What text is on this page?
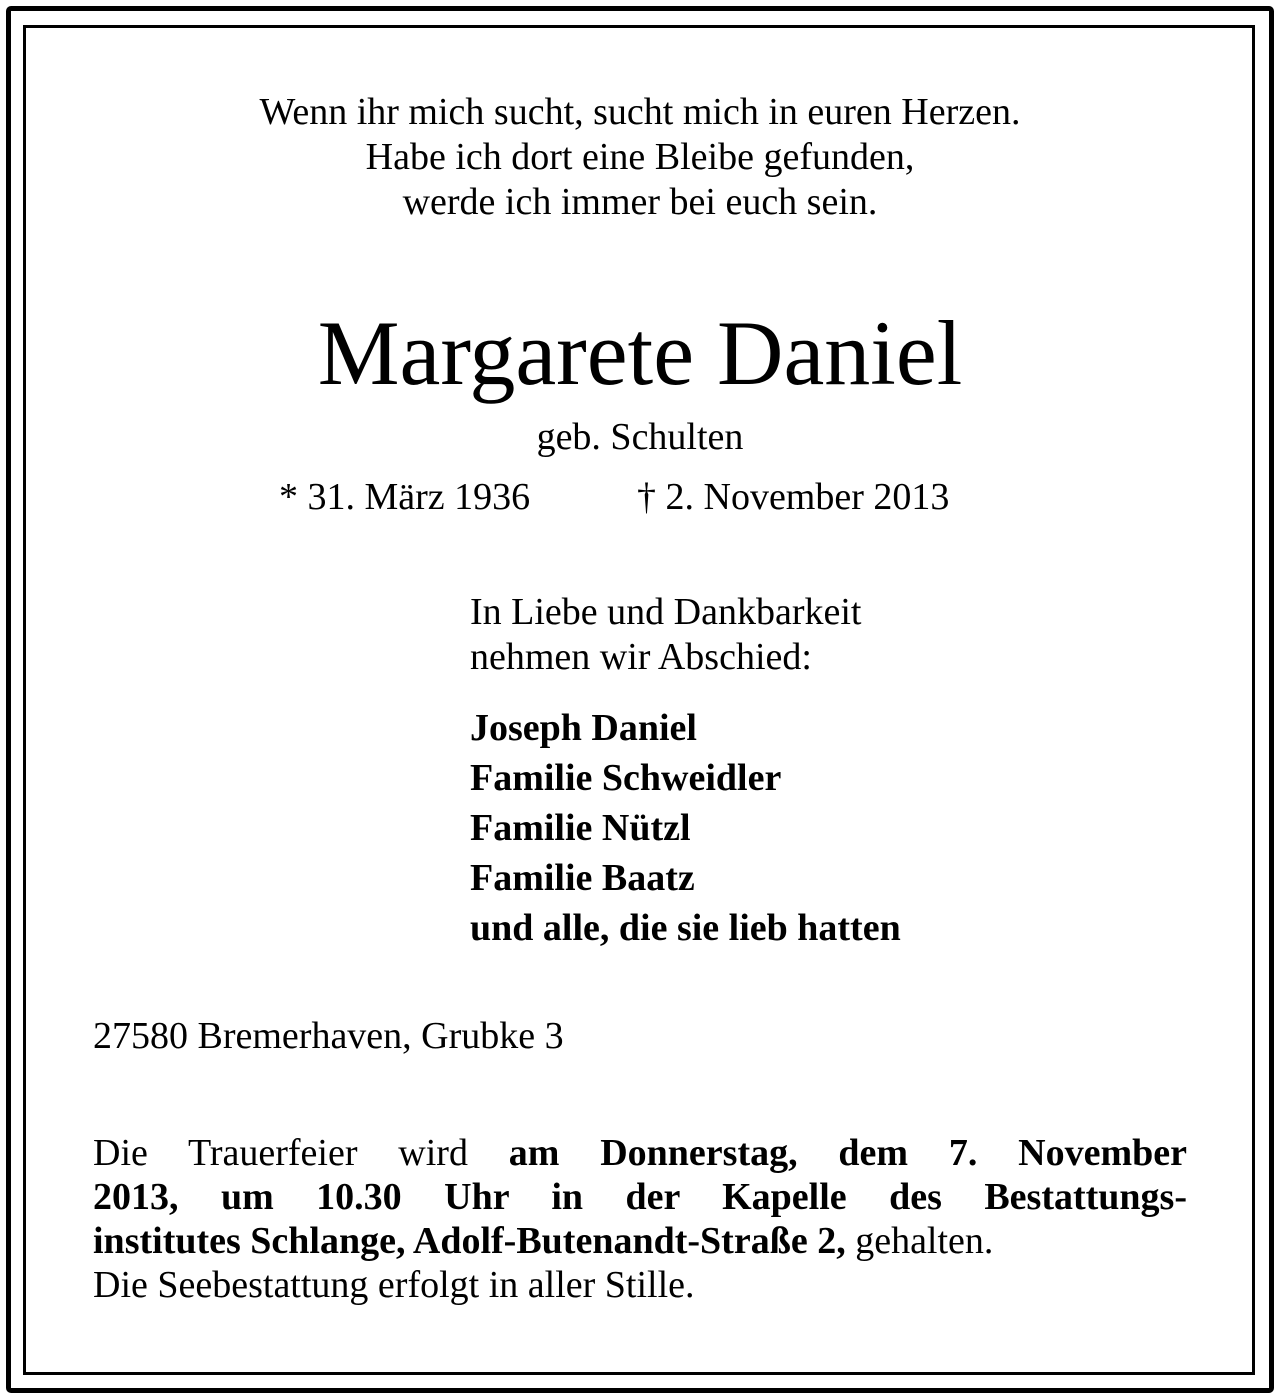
Wenn ihr mich sucht, sucht mich in euren Herzen.
Habe ich dort eine Bleibe gefunden,
werde ich immer bei euch sein.
Margarete Daniel
geb. Schulten
* 31. März 1936	† 2. November 2013
In Liebe und Dankbarkeit
nehmen wir Abschied:
Joseph Daniel
Familie Schweidler
Familie Nützl
Familie Baatz
und alle, die sie lieb hatten
27580 Bremerhaven, Grubke 3
Die Trauerfeier wird am Donnerstag, dem 7. November
2013, um 10.30 Uhr in der Kapelle des Bestattungs-
institutes Schlange, Adolf-Butenandt-Straße 2, gehalten.
Die Seebestattung erfolgt in aller Stille.
